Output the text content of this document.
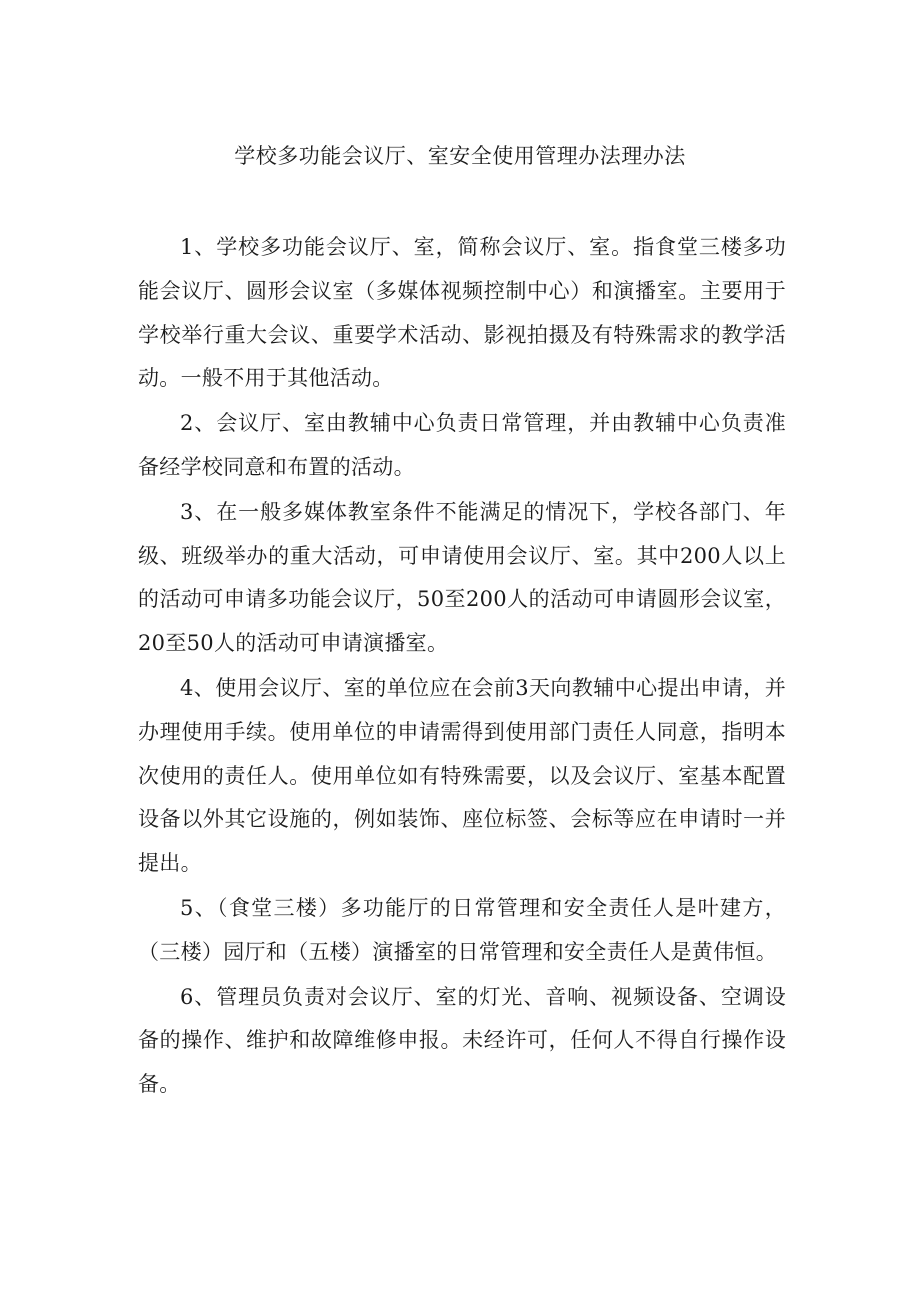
学校多功能会议厅、室安全使用管理办法理办法

1、学校多功能会议厅、室，简称会议厅、室。指食堂三楼多功能会议厅、圆形会议室（多媒体视频控制中心）和演播室。主要用于学校举行重大会议、重要学术活动、影视拍摄及有特殊需求的教学活动。一般不用于其他活动。

2、会议厅、室由教辅中心负责日常管理，并由教辅中心负责准备经学校同意和布置的活动。

3、在一般多媒体教室条件不能满足的情况下，学校各部门、年级、班级举办的重大活动，可申请使用会议厅、室。其中200人以上的活动可申请多功能会议厅，50至200人的活动可申请圆形会议室，20至50人的活动可申请演播室。

4、使用会议厅、室的单位应在会前3天向教辅中心提出申请，并办理使用手续。使用单位的申请需得到使用部门责任人同意，指明本次使用的责任人。使用单位如有特殊需要，以及会议厅、室基本配置设备以外其它设施的，例如装饰、座位标签、会标等应在申请时一并提出。

5、（食堂三楼）多功能厅的日常管理和安全责任人是叶建方，（三楼）园厅和（五楼）演播室的日常管理和安全责任人是黄伟恒。

6、管理员负责对会议厅、室的灯光、音响、视频设备、空调设备的操作、维护和故障维修申报。未经许可，任何人不得自行操作设备。
